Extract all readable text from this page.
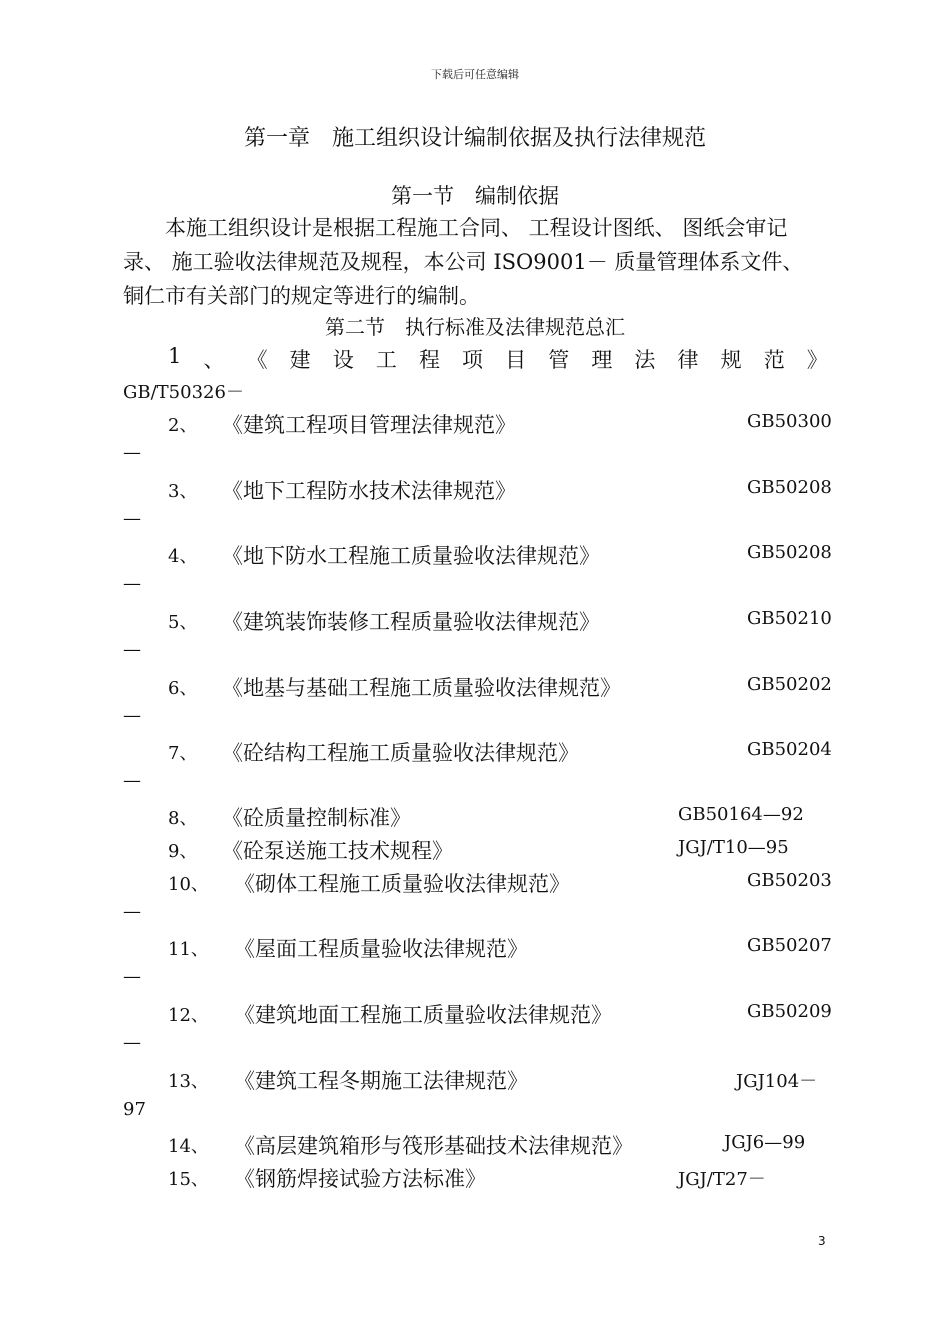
下载后可任意编辑
第一章　施工组织设计编制依据及执行法律规范
第一节　编制依据
本施工组织设计是根据工程施工合同、 工程设计图纸、 图纸会审记录、 施工验收法律规范及规程，本公司 ISO9001－ 质量管理体系文件、 铜仁市有关部门的规定等进行的编制。
第二节　执行标准及法律规范总汇
1 、 《 建 设 工 程 项 目 管 理 法 律 规 范 》
GB/T50326－
2、 《建筑工程项目管理法律规范》	GB50300
—
3、 《地下工程防水技术法律规范》	GB50208
—
4、 《地下防水工程施工质量验收法律规范》	GB50208
—
5、 《建筑装饰装修工程质量验收法律规范》	GB50210
—
6、 《地基与基础工程施工质量验收法律规范》	GB50202
—
7、 《砼结构工程施工质量验收法律规范》	GB50204
—
8、 《砼质量控制标准》	GB50164—92
9、 《砼泵送施工技术规程》	JGJ/T10—95
10、 《砌体工程施工质量验收法律规范》	GB50203
—
11、 《屋面工程质量验收法律规范》	GB50207
—
12、 《建筑地面工程施工质量验收法律规范》	GB50209
—
13、 《建筑工程冬期施工法律规范》	JGJ104－
97
14、 《高层建筑箱形与筏形基础技术法律规范》	JGJ6—99
15、 《钢筋焊接试验方法标准》	JGJ/T27－
3
